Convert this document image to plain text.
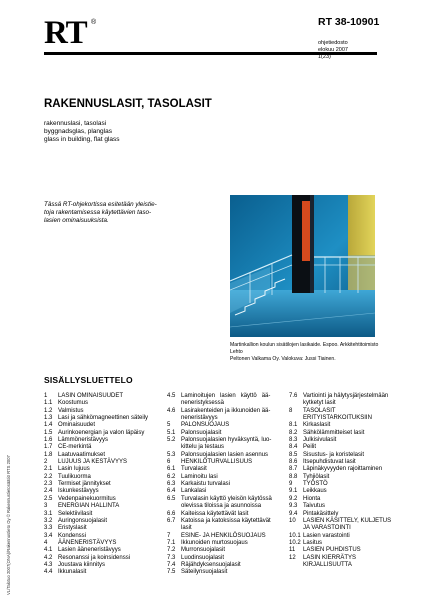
RT ®	RT 38-10901
ohjetiedosto
elokuu 2007
1(23)
RAKENNUSLASIT, TASOLASIT
rakennuslasi, tasolasi
byggnadsglas, planglas
glass in building, flat glass
Tässä RT-ohjekortissa esitetään yleistie-
toja rakentamisessa käytettävien taso-
lasien ominaisuuksista.
Martinkallion koulun sisätilojen lasikaide. Espoo. Arkkitehtitoimisto Lehto
Peltonen Valkama Oy. Valokuva: Jussi Tiainen.
SISÄLLYSLUETTELO
1	LASIN OMINAISUUDET
1.1 Koostumus
1.2 Valmistus
1.3 Lasi ja sähkömagneettinen säteily
1.4 Ominaisuudet
1.5 Aurinkoenergian ja valon läpäisy
1.6 Lämmöneristävyys
1.7 CE-merkintä
1.8 Laatuvaatimukset
2	LUJUUS JA KESTÄVYYS
2.1 Lasin lujuus
2.2 Tuulikuorma
2.3 Termiset jännitykset
2.4 Iskunkestävyys
2.5 Vedenpainekuormitus
3	ENERGIAN HALLINTA
3.1 Selektiivilasit
3.2 Auringonsuojalasit
3.3 Eristyslasit
3.4 Kondenssi
4	ÄÄNENERISTÄVYYS
4.1 Lasien ääneneristävyys
4.2 Resonanssi ja koinsidenssi
4.3 Joustava kiinnitys
4.4 Ikkunalasit
4.5 Laminoitujen   lasien   käyttö   ää-
neneristyksessä
4.6 Lasirakenteiden ja ikkunoiden ää-
neneristävyys
5	PALONSUOJAUS
5.1 Palonsuojalasit
5.2 Palonsuojalasien hyväksyntä, luo-
kittelu ja testaus
5.3 Palonsuojalasien lasien asennus
6	HENKILÖTURVALLISUUS
6.1 Turvalasit
6.2 Laminoitu lasi
6.3 Karkaistu turvalasi
6.4 Lankalasi
6.5 Turvalasin käyttö yleisön käytössä
olevissa tiloissa ja asunnoissa
6.6 Kaiteissa käytettävät lasit
6.7 Katoissa ja katoksissa käytettävät
lasit
7	ESINE- JA HENKILÖSUOJAUS
7.1 Ikkunoiden murtosuojaus
7.2 Murronsuojalasit
7.3 Luodinsuojalasit
7.4 Räjähdyksensuojalasit
7.5 Säteilynsuojalasit
7.6 Vartiointi ja hälytysjärjestelmään
kytketyt lasit
8	TASOLASIT
ERITYISTARKOITUKSIIN
8.1 Kirkaslasit
8.2 Sähkölämmitteiset lasit
8.3 Julkisivulasit
8.4 Peilit
8.5 Sisustus- ja koristelasit
8.6 Itsepuhdistuvat lasit
8.7 Läpinäkyvyyden rajoittaminen
8.8 Tyhjiölasit
9	TYÖSTÖ
9.1 Leikkaus
9.2 Hionta
9.3 Taivutus
9.4 Pintakäsittely
10	LASIEN KÄSITTELY, KULJETUS
JA VARASTOINTI
10.1 Lasien varastointi
10.2 Lasitus
11	LASIEN PUHDISTUS
12	LASIN KIERRÄTYS
KIRJALLISUUTTA
VL/Talotuo 2007(ONA)/Rakennustieto Oy © Rakennustietosäätiö RTS 2007
